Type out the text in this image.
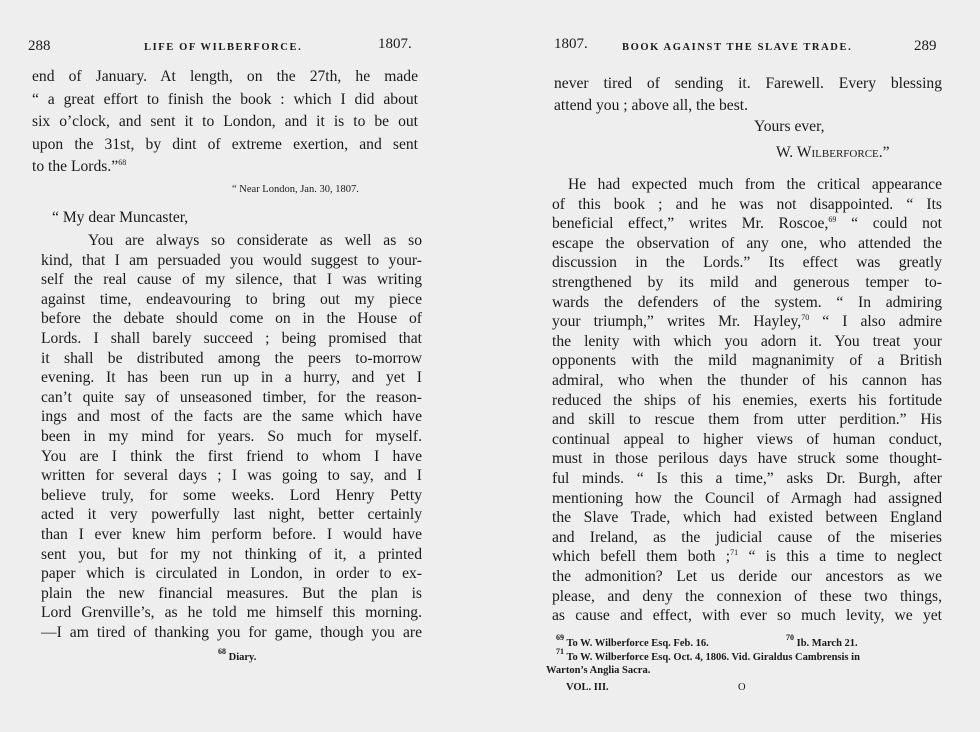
288	LIFE OF WILBERFORCE.	1807.
end of January. At length, on the 27th, he made
“ a great effort to finish the book : which I did about
six o’clock, and sent it to London, and it is to be out
upon the 31st, by dint of extreme exertion, and sent
to the Lords.”$^{68}$
“ Near London, Jan. 30, 1807.
“ My dear Muncaster,
You are always so considerate as well as so
kind, that I am persuaded you would suggest to your-
self the real cause of my silence, that I was writing
against time, endeavouring to bring out my piece
before the debate should come on in the House of
Lords. I shall barely succeed ; being promised that
it shall be distributed among the peers to-morrow
evening. It has been run up in a hurry, and yet I
can’t quite say of unseasoned timber, for the reason-
ings and most of the facts are the same which have
been in my mind for years. So much for myself.
You are I think the first friend to whom I have
written for several days ; I was going to say, and I
believe truly, for some weeks. Lord Henry Petty
acted it very powerfully last night, better certainly
than I ever knew him perform before. I would have
sent you, but for my not thinking of it, a printed
paper which is circulated in London, in order to ex-
plain the new financial measures. But the plan is
Lord Grenville’s, as he told me himself this morning.
—I am tired of thanking you for game, though you are
$^{68}$ Diary.
1807.	BOOK AGAINST THE SLAVE TRADE.	289
never tired of sending it. Farewell. Every blessing
attend you ; above all, the best.
Yours ever,
W. Wilberforce.”
He had expected much from the critical appearance
of this book ; and he was not disappointed. “ Its
beneficial effect,” writes Mr. Roscoe,$^{69}$ “ could not
escape the observation of any one, who attended the
discussion in the Lords.” Its effect was greatly
strengthened by its mild and generous temper to-
wards the defenders of the system. “ In admiring
your triumph,” writes Mr. Hayley,$^{70}$ “ I also admire
the lenity with which you adorn it. You treat your
opponents with the mild magnanimity of a British
admiral, who when the thunder of his cannon has
reduced the ships of his enemies, exerts his fortitude
and skill to rescue them from utter perdition.” His
continual appeal to higher views of human conduct,
must in those perilous days have struck some thought-
ful minds. “ Is this a time,” asks Dr. Burgh, after
mentioning how the Council of Armagh had assigned
the Slave Trade, which had existed between England
and Ireland, as the judicial cause of the miseries
which befell them both ;$^{71}$ “ is this a time to neglect
the admonition? Let us deride our ancestors as we
please, and deny the connexion of these two things,
as cause and effect, with ever so much levity, we yet
$^{69}$ To W. Wilberforce Esq. Feb. 16.
$^{70}$ Ib. March 21.
$^{71}$ To W. Wilberforce Esq. Oct. 4, 1806. Vid. Giraldus Cambrensis in
Warton’s Anglia Sacra.
VOL. III.	O
